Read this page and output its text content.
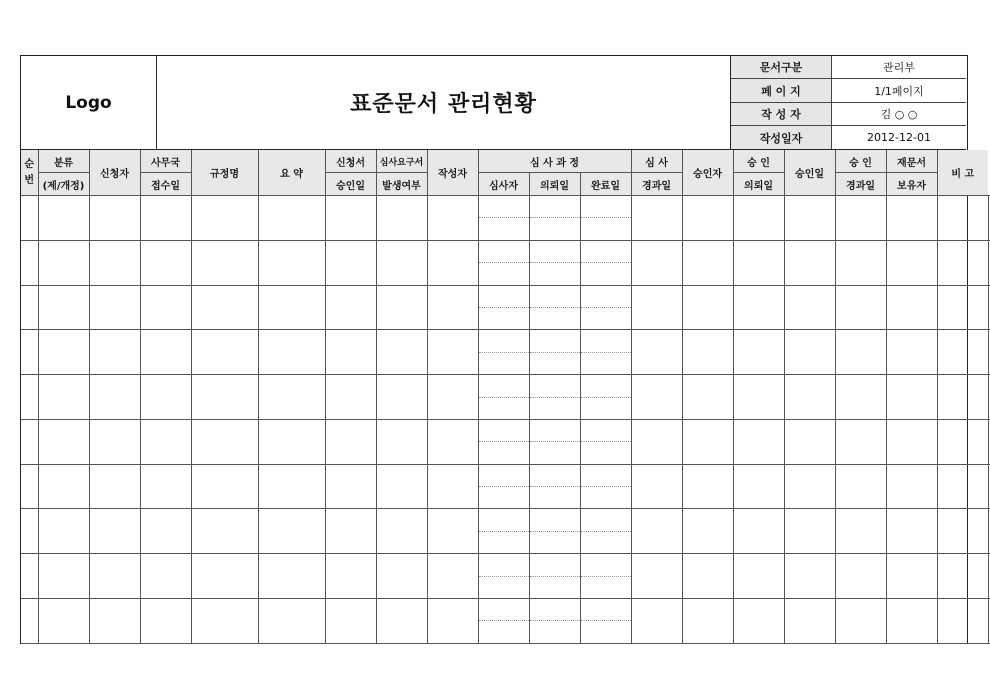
Logo	표준문서 관리현황
문서구분	관리부
페 이 지	1/1페이지
작 성 자	김 ○ ○
작성일자	2012-12-01
순
번	분류	신청자	사무국	규정명	요 약	신청서	심사요구서	작성자	심 사 과 정			심 사	승인자	승 인	승인일	승 인	재문서	비 고	
	(제/개정)		접수일			승인일	발생여부		심사자	의뢰일	완료일	경과일		의뢰일		경과일	보유자		
